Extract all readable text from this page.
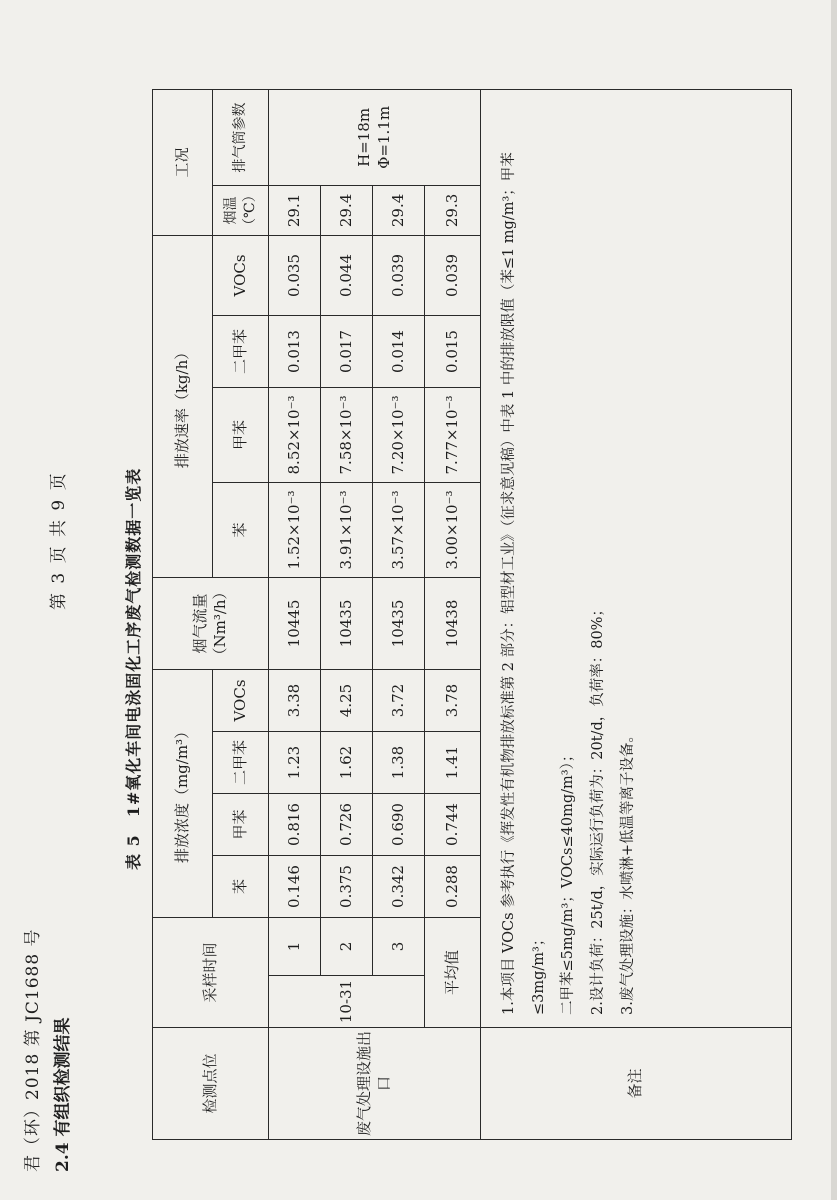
君（环）2018 第 JC1688 号
第 3 页 共 9 页
2.4 有组织检测结果
表 5　1#氧化车间电泳固化工序废气检测数据一览表
检测点位	采样时间		排放浓度（mg/m³）				烟气流量（Nm³/h）	排放速率（kg/h）				工况	
			苯	甲苯	二甲苯	VOCs		苯	甲苯	二甲苯	VOCs	烟温（℃）	排气筒参数
废气处理设施出口	10-31	1	0.146	0.816	1.23	3.38	10445	1.52×10⁻³	8.52×10⁻³	0.013	0.035	29.1	H=18m Φ=1.1m
		2	0.375	0.726	1.62	4.25	10435	3.91×10⁻³	7.58×10⁻³	0.017	0.044	29.4	
		3	0.342	0.690	1.38	3.72	10435	3.57×10⁻³	7.20×10⁻³	0.014	0.039	29.4	
	平均值		0.288	0.744	1.41	3.78	10438	3.00×10⁻³	7.77×10⁻³	0.015	0.039	29.3	
备注	1.本项目 VOCs 参考执行《挥发性有机物排放标准第 2 部分：铝型材工业》（征求意见稿）中表 1 中的排放限值（苯≤1 mg/m³；甲苯≤3mg/m³； 二甲苯≤5mg/m³；VOCs≤40mg/m³）； 2.设计负荷：25t/d，实际运行负荷为：20t/d，负荷率：80%； 3.废气处理设施：水喷淋+低温等离子设备。												
